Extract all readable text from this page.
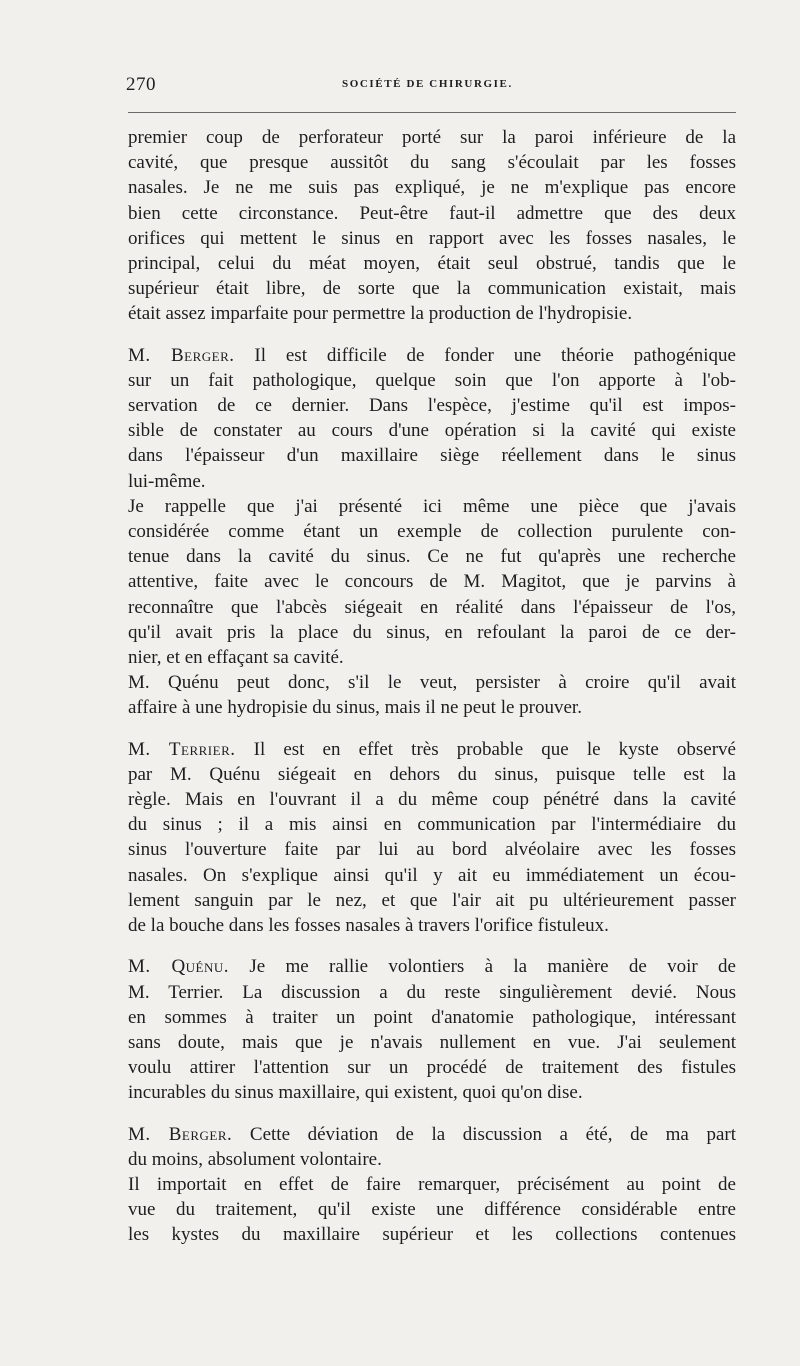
270	SOCIÉTÉ DE CHIRURGIE.
premier coup de perforateur porté sur la paroi inférieure de la
cavité, que presque aussitôt du sang s'écoulait par les fosses
nasales. Je ne me suis pas expliqué, je ne m'explique pas encore
bien cette circonstance. Peut-être faut-il admettre que des deux
orifices qui mettent le sinus en rapport avec les fosses nasales, le
principal, celui du méat moyen, était seul obstrué, tandis que le
supérieur était libre, de sorte que la communication existait, mais
était assez imparfaite pour permettre la production de l'hydropisie.
M. Berger. Il est difficile de fonder une théorie pathogénique
sur un fait pathologique, quelque soin que l'on apporte à l'ob-
servation de ce dernier. Dans l'espèce, j'estime qu'il est impos-
sible de constater au cours d'une opération si la cavité qui existe
dans l'épaisseur d'un maxillaire siège réellement dans le sinus
lui-même.
Je rappelle que j'ai présenté ici même une pièce que j'avais
considérée comme étant un exemple de collection purulente con-
tenue dans la cavité du sinus. Ce ne fut qu'après une recherche
attentive, faite avec le concours de M. Magitot, que je parvins à
reconnaître que l'abcès siégeait en réalité dans l'épaisseur de l'os,
qu'il avait pris la place du sinus, en refoulant la paroi de ce der-
nier, et en effaçant sa cavité.
M. Quénu peut donc, s'il le veut, persister à croire qu'il avait
affaire à une hydropisie du sinus, mais il ne peut le prouver.
M. Terrier. Il est en effet très probable que le kyste observé
par M. Quénu siégeait en dehors du sinus, puisque telle est la
règle. Mais en l'ouvrant il a du même coup pénétré dans la cavité
du sinus ; il a mis ainsi en communication par l'intermédiaire du
sinus l'ouverture faite par lui au bord alvéolaire avec les fosses
nasales. On s'explique ainsi qu'il y ait eu immédiatement un écou-
lement sanguin par le nez, et que l'air ait pu ultérieurement passer
de la bouche dans les fosses nasales à travers l'orifice fistuleux.
M. Quénu. Je me rallie volontiers à la manière de voir de
M. Terrier. La discussion a du reste singulièrement devié. Nous
en sommes à traiter un point d'anatomie pathologique, intéressant
sans doute, mais que je n'avais nullement en vue. J'ai seulement
voulu attirer l'attention sur un procédé de traitement des fistules
incurables du sinus maxillaire, qui existent, quoi qu'on dise.
M. Berger. Cette déviation de la discussion a été, de ma part
du moins, absolument volontaire.
Il importait en effet de faire remarquer, précisément au point de
vue du traitement, qu'il existe une différence considérable entre
les kystes du maxillaire supérieur et les collections contenues
